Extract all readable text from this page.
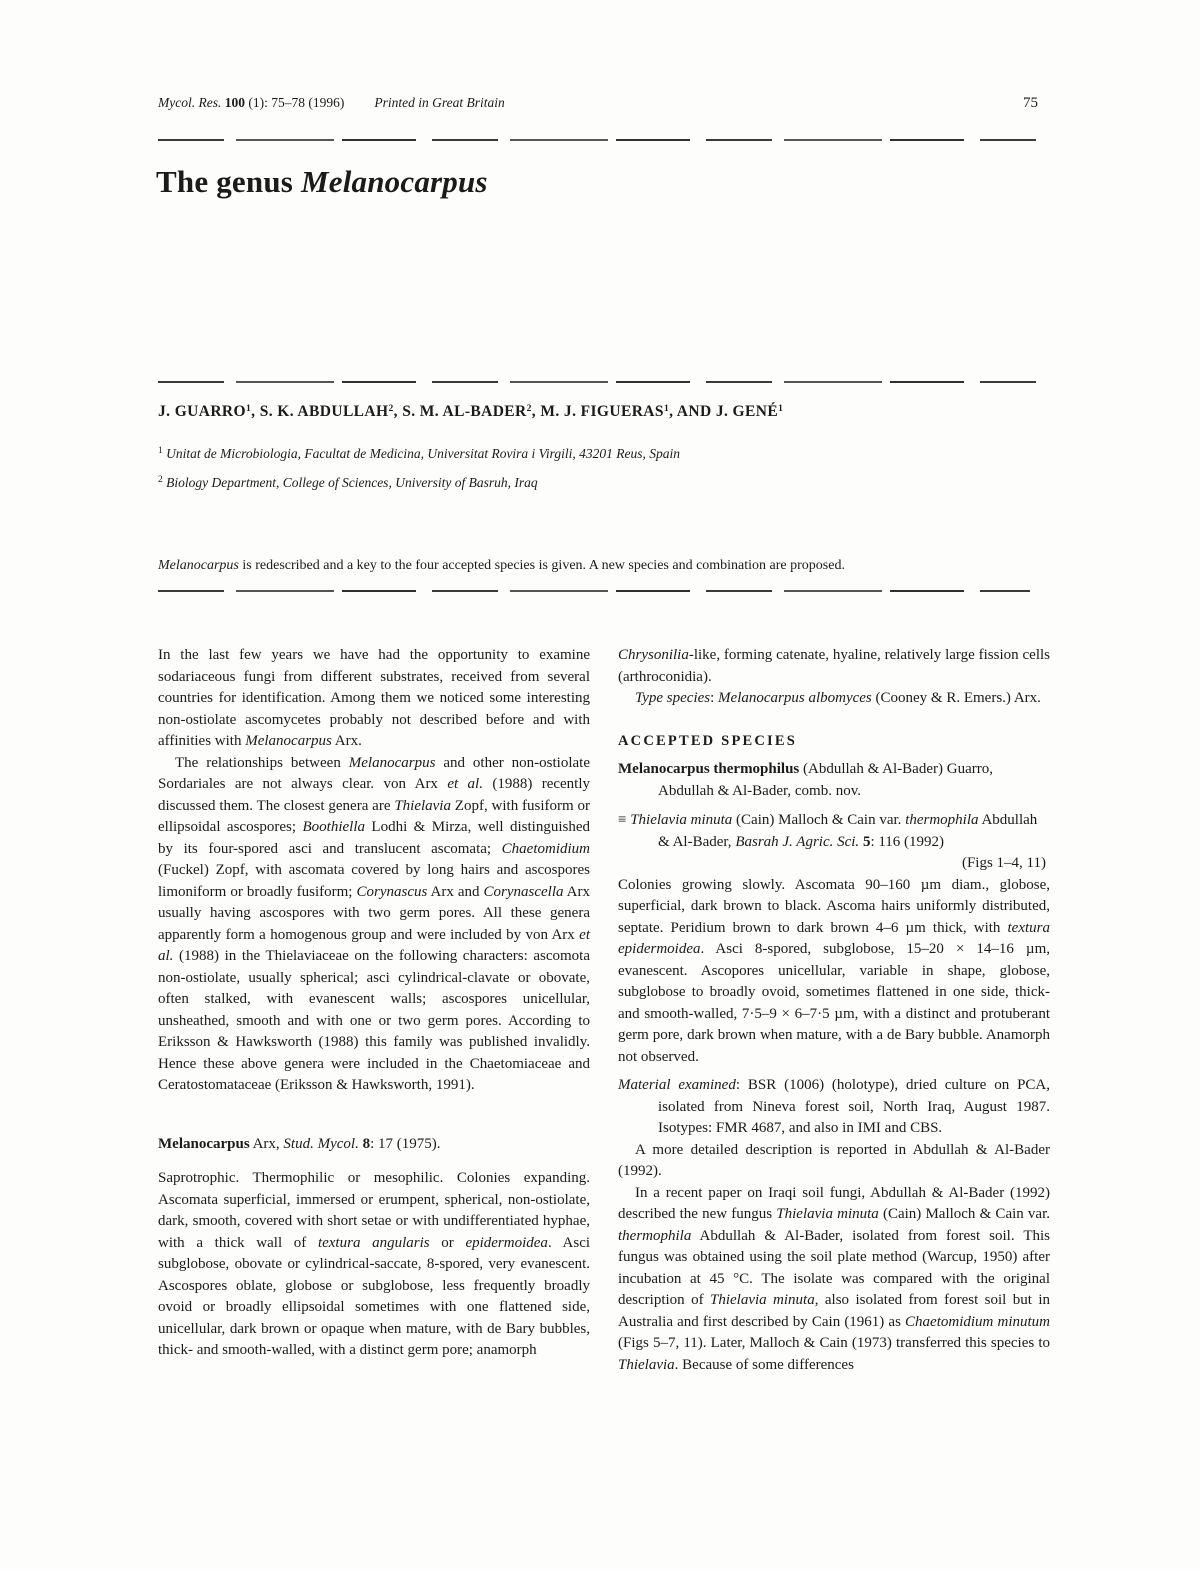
Mycol. Res. 100 (1): 75–78 (1996) Printed in Great Britain	75
The genus Melanocarpus
J. GUARRO$^1$, S. K. ABDULLAH$^2$, S. M. AL-BADER$^2$, M. J. FIGUERAS$^1$, AND J. GENÉ$^1$
$^1$ Unitat de Microbiologia, Facultat de Medicina, Universitat Rovira i Virgili, 43201 Reus, Spain
$^2$ Biology Department, College of Sciences, University of Basruh, Iraq
Melanocarpus is redescribed and a key to the four accepted species is given. A new species and combination are proposed.

In the last few years we have had the opportunity to examine sodariaceous fungi from different substrates, received from several countries for identification. Among them we noticed some interesting non-ostiolate ascomycetes probably not described before and with affinities with Melanocarpus Arx.

The relationships between Melanocarpus and other non-ostiolate Sordariales are not always clear. von Arx et al. (1988) recently discussed them. The closest genera are Thielavia Zopf, with fusiform or ellipsoidal ascospores; Boothiella Lodhi & Mirza, well distinguished by its four-spored asci and translucent ascomata; Chaetomidium (Fuckel) Zopf, with ascomata covered by long hairs and ascospores limoniform or broadly fusiform; Corynascus Arx and Corynascella Arx usually having ascospores with two germ pores. All these genera apparently form a homogenous group and were included by von Arx et al. (1988) in the Thielaviaceae on the following characters: ascomota non-ostiolate, usually spherical; asci cylindrical-clavate or obovate, often stalked, with evanescent walls; ascospores unicellular, unsheathed, smooth and with one or two germ pores. According to Eriksson & Hawksworth (1988) this family was published invalidly. Hence these above genera were included in the Chaetomiaceae and Ceratostomataceae (Eriksson & Hawksworth, 1991).

Melanocarpus Arx, Stud. Mycol. 8: 17 (1975).

Saprotrophic. Thermophilic or mesophilic. Colonies expanding. Ascomata superficial, immersed or erumpent, spherical, non-ostiolate, dark, smooth, covered with short setae or with undifferentiated hyphae, with a thick wall of textura angularis or epidermoidea. Asci subglobose, obovate or cylindrical-saccate, 8-spored, very evanescent. Ascospores oblate, globose or subglobose, less frequently broadly ovoid or broadly ellipsoidal sometimes with one flattened side, unicellular, dark brown or opaque when mature, with de Bary bubbles, thick- and smooth-walled, with a distinct germ pore; anamorph

Chrysonilia-like, forming catenate, hyaline, relatively large fission cells (arthroconidia).

Type species: Melanocarpus albomyces (Cooney & R. Emers.) Arx.

ACCEPTED SPECIES

Melanocarpus thermophilus (Abdullah & Al-Bader) Guarro, Abdullah & Al-Bader, comb. nov.

≡ Thielavia minuta (Cain) Malloch & Cain var. thermophila Abdullah & Al-Bader, Basrah J. Agric. Sci. 5: 116 (1992)

(Figs 1–4, 11)

Colonies growing slowly. Ascomata 90–160 µm diam., globose, superficial, dark brown to black. Ascoma hairs uniformly distributed, septate. Peridium brown to dark brown 4–6 µm thick, with textura epidermoidea. Asci 8-spored, subglobose, 15–20 × 14–16 µm, evanescent. Ascopores unicellular, variable in shape, globose, subglobose to broadly ovoid, sometimes flattened in one side, thick- and smooth-walled, 7·5–9 × 6–7·5 µm, with a distinct and protuberant germ pore, dark brown when mature, with a de Bary bubble. Anamorph not observed.

Material examined: BSR (1006) (holotype), dried culture on PCA, isolated from Nineva forest soil, North Iraq, August 1987. Isotypes: FMR 4687, and also in IMI and CBS.

A more detailed description is reported in Abdullah & Al-Bader (1992).

In a recent paper on Iraqi soil fungi, Abdullah & Al-Bader (1992) described the new fungus Thielavia minuta (Cain) Malloch & Cain var. thermophila Abdullah & Al-Bader, isolated from forest soil. This fungus was obtained using the soil plate method (Warcup, 1950) after incubation at 45 °C. The isolate was compared with the original description of Thielavia minuta, also isolated from forest soil but in Australia and first described by Cain (1961) as Chaetomidium minutum (Figs 5–7, 11). Later, Malloch & Cain (1973) transferred this species to Thielavia. Because of some differences
